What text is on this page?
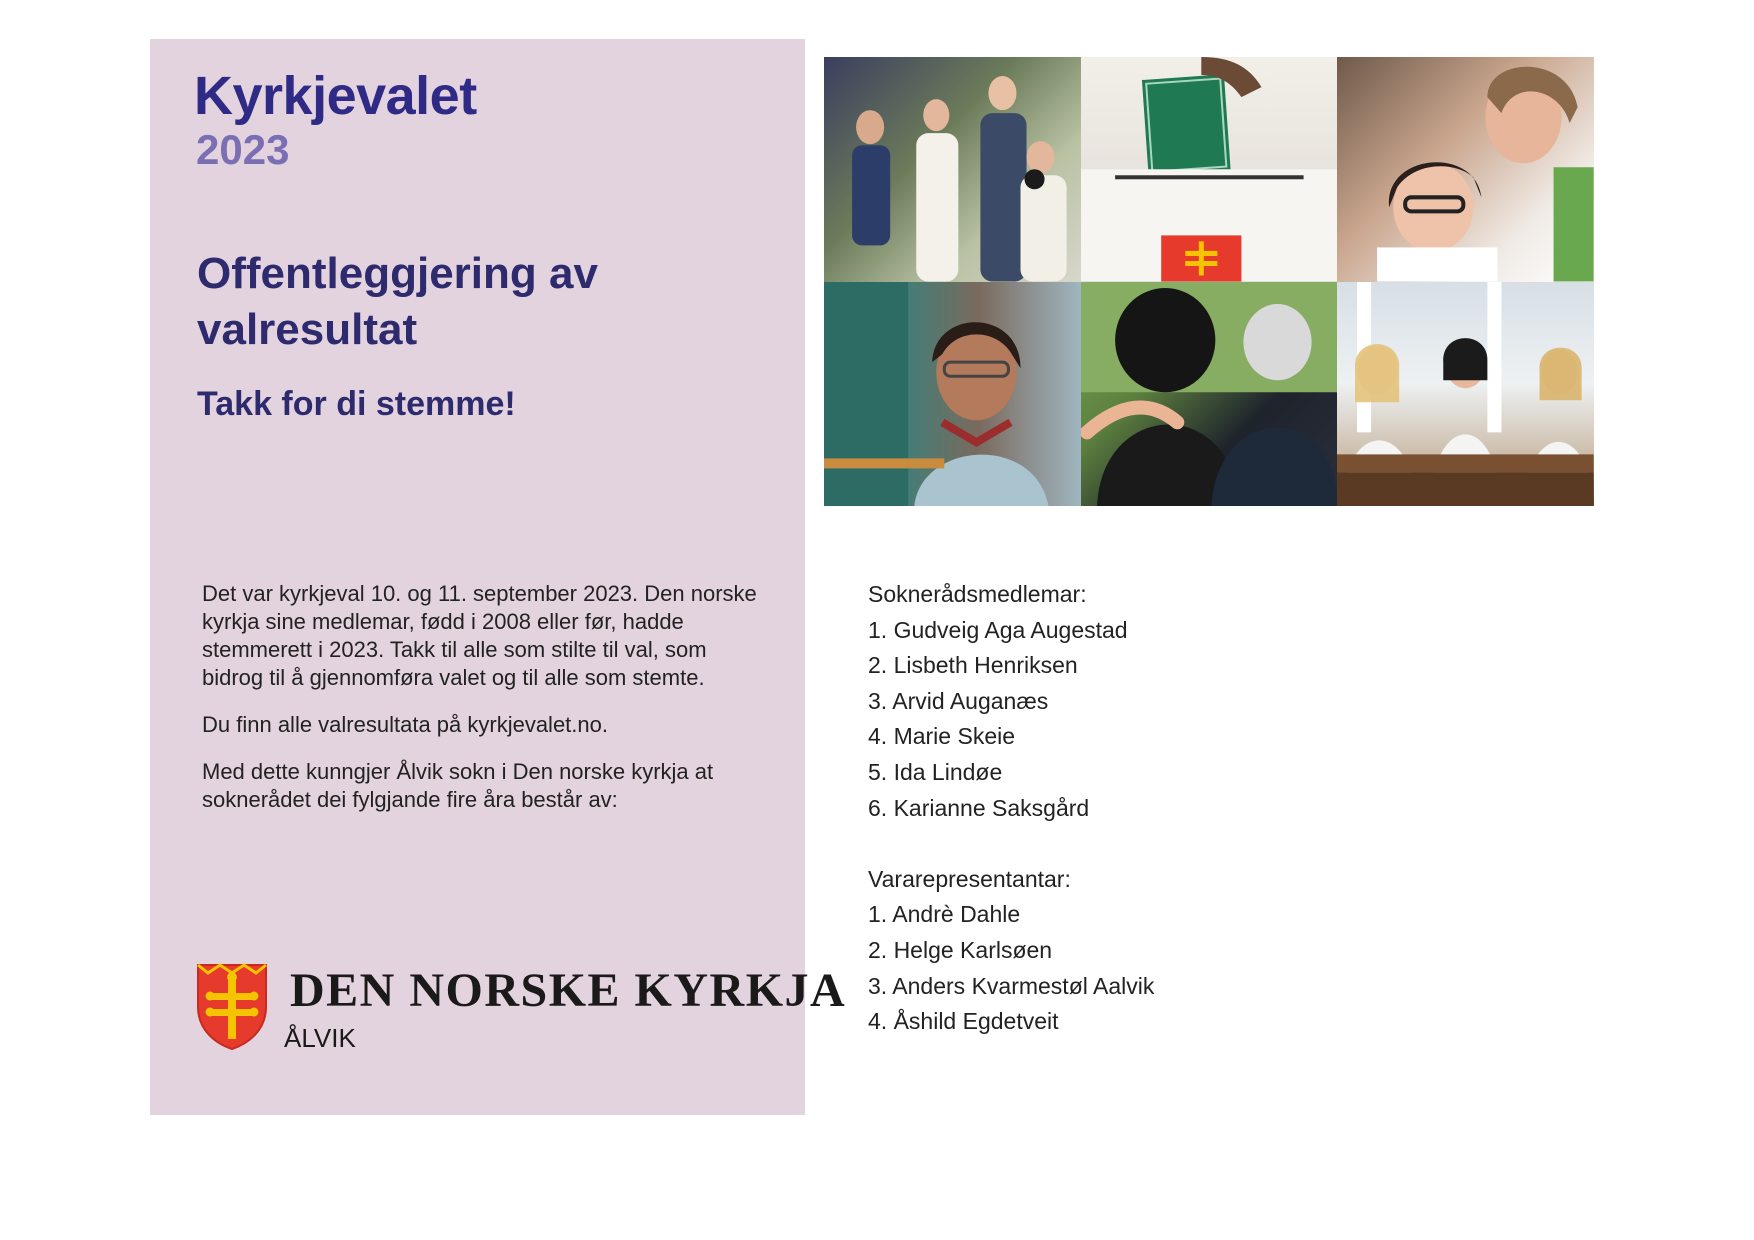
Kyrkjevalet
2023
Offentleggjering av valresultat
Takk for di stemme!

Det var kyrkjeval 10. og 11. september 2023. Den norske kyrkja sine medlemar, fødd i 2008 eller før, hadde stemmerett i 2023. Takk til alle som stilte til val, som bidrog til å gjennomføra valet og til alle som stemte.

Du finn alle valresultata på kyrkjevalet.no.

Med dette kunngjer Ålvik sokn i Den norske kyrkja at soknerådet dei fylgjande fire åra består av:

DEN NORSKE KYRKJA
ÅLVIK
Soknerådsmedlemar:
1. Gudveig Aga Augestad
2. Lisbeth Henriksen
3. Arvid Auganæs
4. Marie Skeie
5. Ida Lindøe
6. Karianne Saksgård
Vararepresentantar:
1. Andrè Dahle
2. Helge Karlsøen
3. Anders Kvarmestøl Aalvik
4. Åshild Egdetveit
